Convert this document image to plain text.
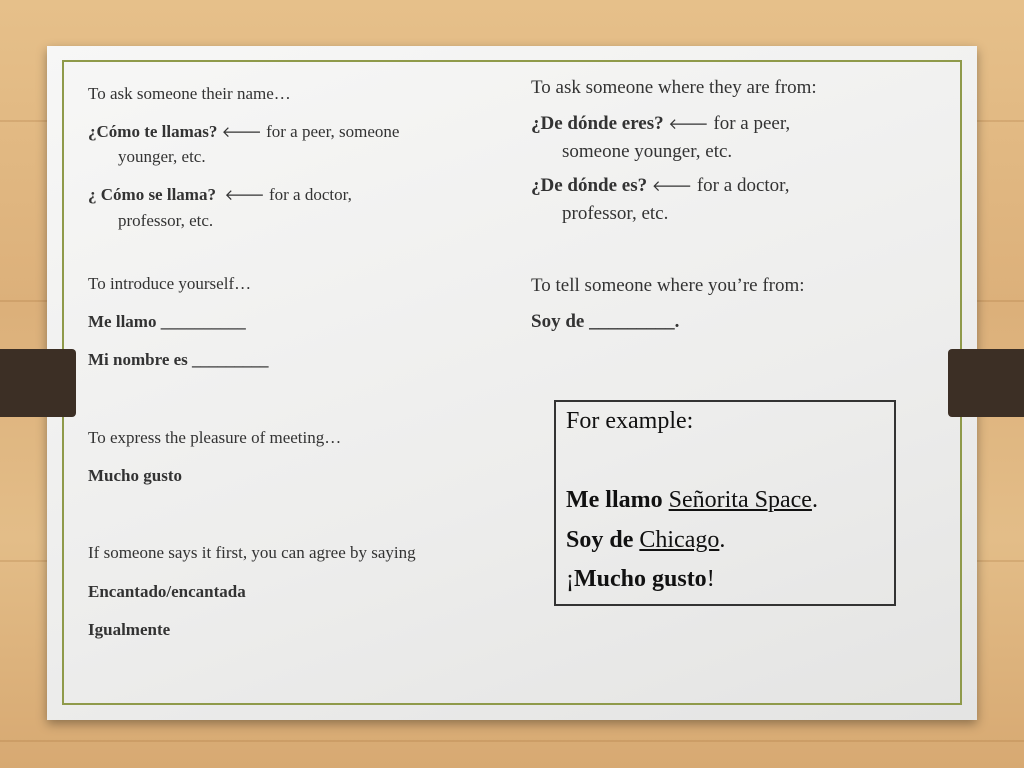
To ask someone their name…
¿Cómo te llamas? 🡐 for a peer, someone
younger, etc.
¿ Cómo se llama? 🡐 for a doctor,
professor, etc.
To introduce yourself…
Me llamo __________
Mi nombre es _________
To express the pleasure of meeting…
Mucho gusto
If someone says it first, you can agree by saying
Encantado/encantada
Igualmente
To ask someone where they are from:
¿De dónde eres? 🡐 for a peer,
someone younger, etc.
¿De dónde es? 🡐 for a doctor,
professor, etc.
To tell someone where you’re from:
Soy de _________.
For example:
Me llamo Señorita Space.
Soy de Chicago.
¡Mucho gusto!
